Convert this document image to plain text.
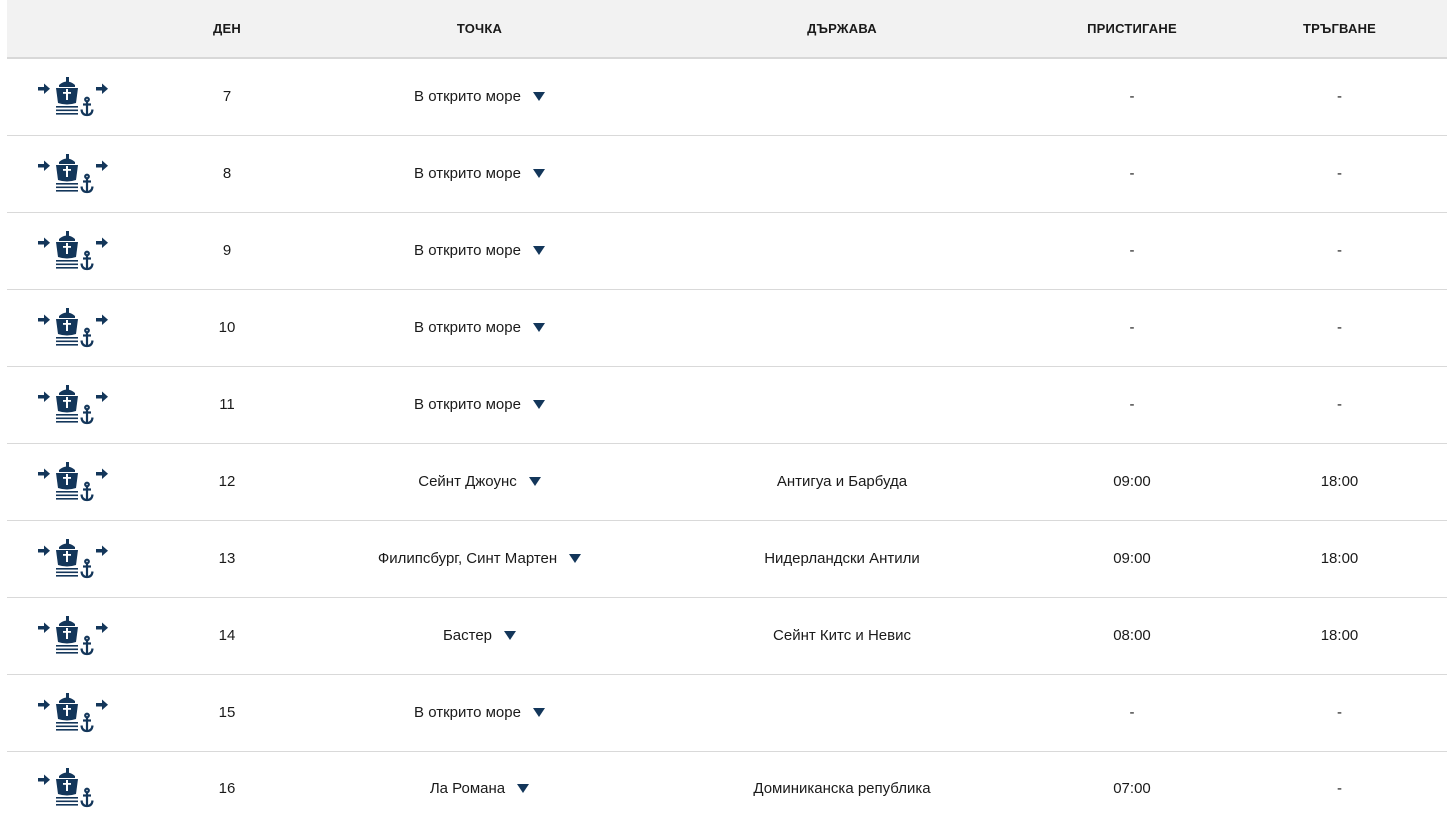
	ДЕН	ТОЧКА	ДЪРЖАВА	ПРИСТИГАНЕ	ТРЪГВАНЕ
	7	В открито море		-	-
	8	В открито море		-	-
	9	В открито море		-	-
	10	В открито море		-	-
	11	В открито море		-	-
	12	Сейнт Джоунс	Антигуа и Барбуда	09:00	18:00
	13	Филипсбург, Синт Мартен	Нидерландски Антили	09:00	18:00
	14	Бастер	Сейнт Китс и Невис	08:00	18:00
	15	В открито море		-	-
	16	Ла Романа	Доминиканска република	07:00	-
